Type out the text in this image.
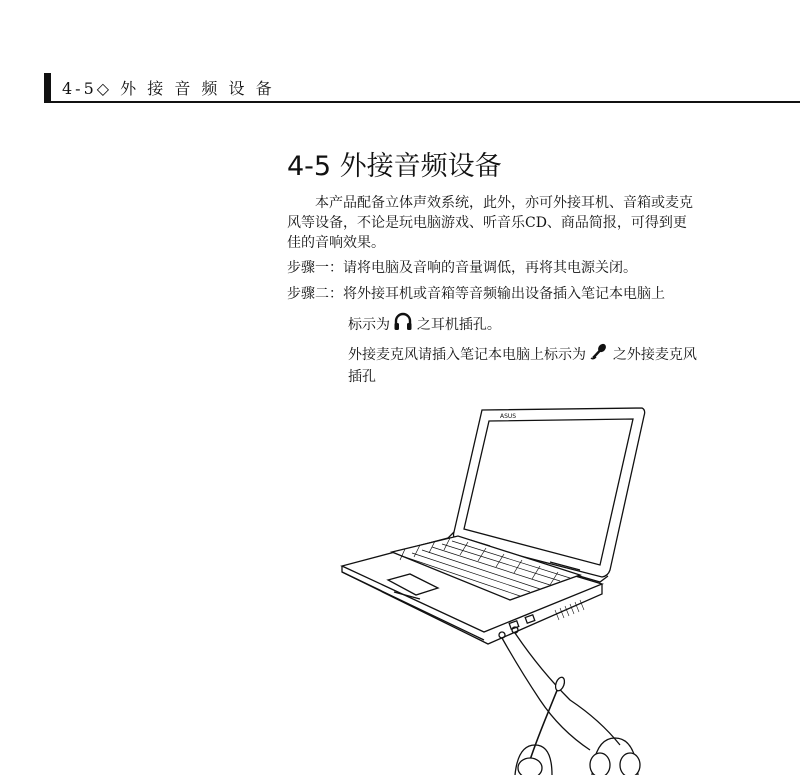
4-5◇ 外 接 音 频 设 备
4-5 外接音频设备

本产品配备立体声效系统，此外，亦可外接耳机、音箱或麦克风等设备，不论是玩电脑游戏、听音乐CD、商品简报，可得到更佳的音响效果。

步骤一：请将电脑及音响的音量调低，再将其电源关闭。

步骤二：将外接耳机或音箱等音频输出设备插入笔记本电脑上

标示为 之耳机插孔。

外接麦克风请插入笔记本电脑上标示为 之外接麦克风插孔

ASUS
